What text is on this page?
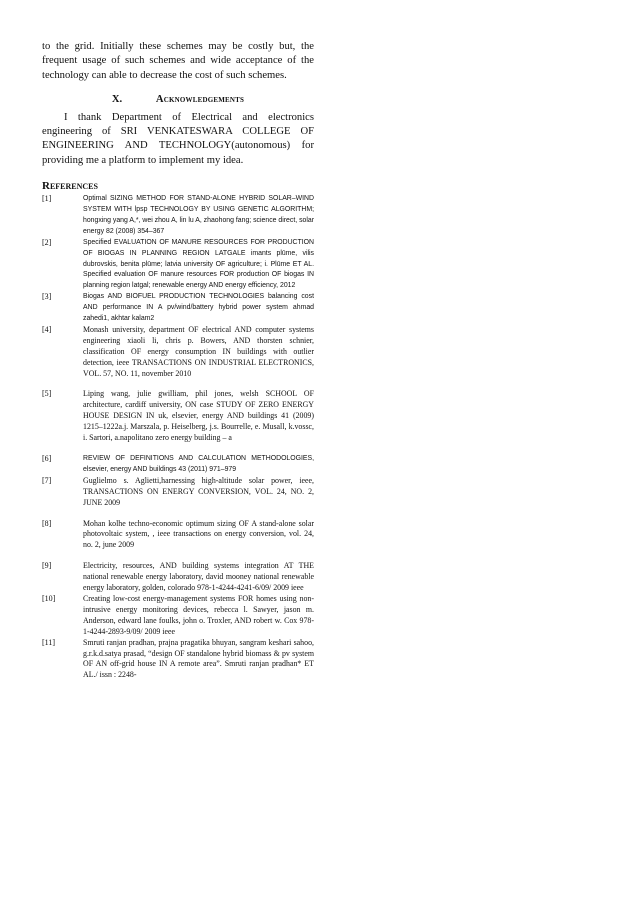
to the grid. Initially these schemes may be costly but, the frequent usage of such schemes and wide acceptance of the technology can able to decrease the cost of such schemes.

X.	Acknowledgements

I thank Department of Electrical and electronics engineering of SRI VENKATESWARA COLLEGE OF ENGINEERING AND TECHNOLOGY(autonomous) for providing me a platform to implement my idea.

References
[1]	Optimal SIZING METHOD FOR STAND-ALONE HYBRID SOLAR–WIND SYSTEM WITH lpsp TECHNOLOGY BY USING GENETIC ALGORITHM; hongxing yang A,*, wei zhou A, lin lu A, zhaohong fang; science direct, solar energy 82 (2008) 354–367
[2]	Specified EVALUATION OF MANURE RESOURCES FOR PRODUCTION OF BIOGAS IN PLANNING REGION LATGALE imants plūme, vilis dubrovskis, benita plūme; latvia university OF agriculture; i. Plūme ET AL. Specified evaluation OF manure resources FOR production OF biogas IN planning region latgal; renewable energy AND energy efficiency, 2012
[3]	Biogas AND BIOFUEL PRODUCTION TECHNOLOGIES balancing cost AND performance IN A pv/wind/battery hybrid power system ahmad zahedi1, akhtar kalam2
[4]	Monash university, department OF electrical AND computer systems engineering xiaoli li, chris p. Bowers, AND thorsten schnier, classification OF energy consumption IN buildings with outlier detection, ieee TRANSACTIONS ON INDUSTRIAL ELECTRONICS, VOL. 57, NO. 11, november 2010
[5]	Liping wang, julie gwilliam, phil jones, welsh SCHOOL OF architecture, cardiff university, ON case STUDY OF ZERO ENERGY HOUSE DESIGN IN uk, elsevier, energy AND buildings 41 (2009) 1215–1222a.j. Marszala, p. Heiselberg, j.s. Bourrelle, e. Musall, k.vossc, i. Sartori, a.napolitano zero energy building – a
[6]	REVIEW OF DEFINITIONS AND CALCULATION METHODOLOGIES, elsevier, energy AND buildings 43 (2011) 971–979
[7]	Guglielmo s. Aglietti,harnessing high-altitude solar power, ieee, TRANSACTIONS ON ENERGY CONVERSION, VOL. 24, NO. 2, JUNE 2009
[8]	Mohan kolhe techno-economic optimum sizing OF A stand-alone solar photovoltaic system, , ieee transactions on energy conversion, vol. 24, no. 2, june 2009
[9]	Electricity, resources, AND building systems integration AT THE national renewable energy laboratory, david mooney national renewable energy laboratory, golden, colorado 978-1-4244-4241-6/09/ 2009 ieee
[10]	Creating low-cost energy-management systems FOR homes using non-intrusive energy monitoring devices, rebecca l. Sawyer, jason m. Anderson, edward lane foulks, john o. Troxler, AND robert w. Cox 978-1-4244-2893-9/09/ 2009 ieee
[11]	Smruti ranjan pradhan, prajna pragatika bhuyan, sangram keshari sahoo, g.r.k.d.satya prasad, “design OF standalone hybrid biomass & pv system OF AN off-grid house IN A remote area”. Smruti ranjan pradhan* ET AL./ issn : 2248-
